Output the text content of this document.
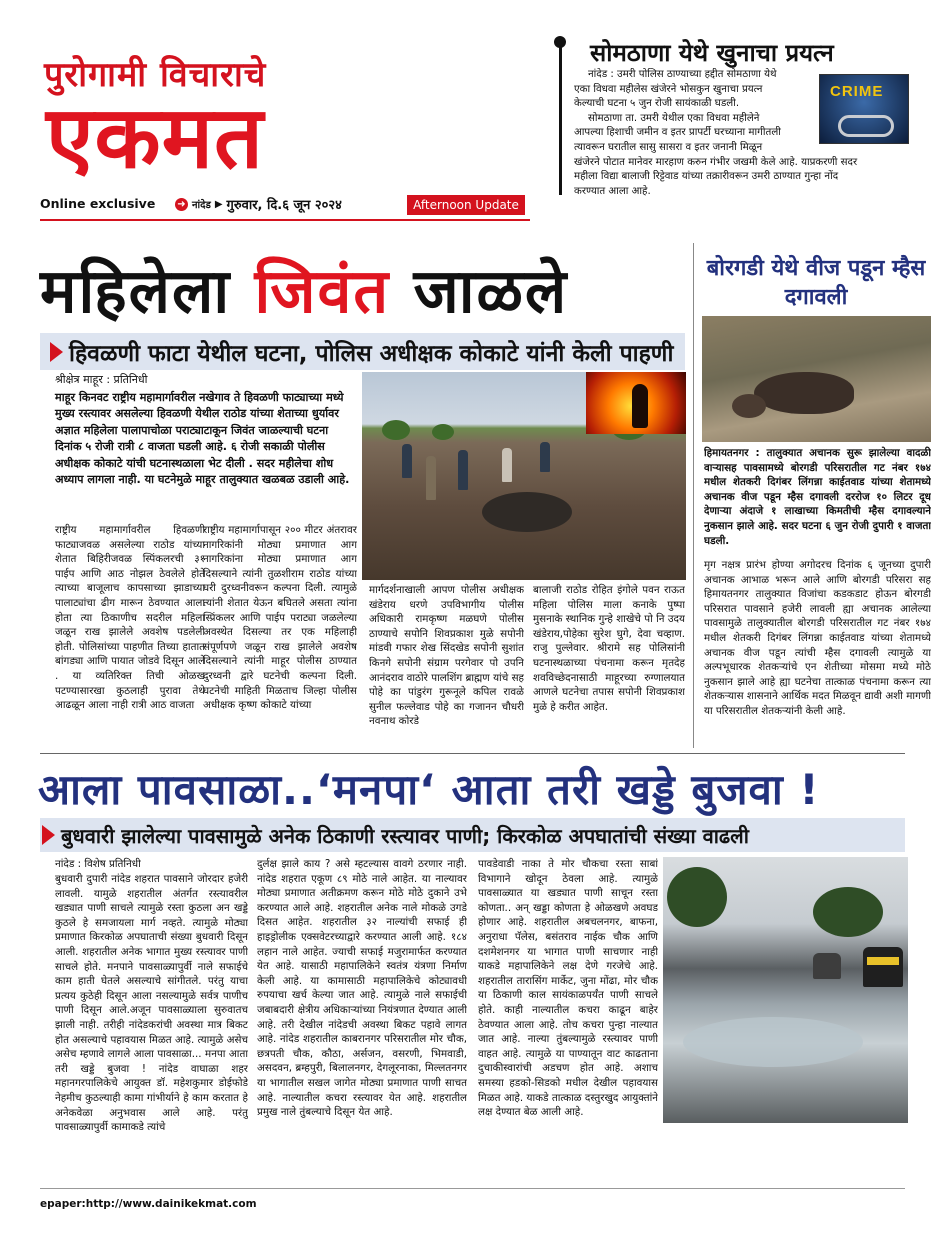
पुरोगामी विचाराचे
एकमत
Online exclusive ➜ नांदेड ▶ गुरुवार, दि.६ जून २०२४	Afternoon Update
सोमठाणा येथे खुनाचा प्रयत्न
नांदेड : उमरी पोलिस ठाण्याच्या हद्दीत सोमठाणा येथे
एका विधवा महीलेस खंजेरने भोसकुन खुनाचा प्रयत्न
केल्याची घटना ५ जुन रोजी सायंकाळी घडली.
सोमठाणा ता. उमरी येथील एका विधवा महीलेने
आपल्या हिशाची जमीन व इतर प्रापर्टी घरच्याना मागीतली
त्यावरून घरातील सासु सासरा व इतर जनानी मिळून
खंजेरने पोटात मानेवर मारहाण करुन गंभीर जखमी केले आहे. याप्रकरणी सदर
महीला विद्या बालाजी रिट्टेवाड यांच्या तक्रारीवरून उमरी ठाण्यात गुन्हा नोंद
करण्यात आला आहे.
CRIME
महिलेला जिवंत जाळले
हिवळणी फाटा येथील घटना, पोलिस अधीक्षक कोकाटे यांनी केली पाहणी
श्रीक्षेत्र माहूर : प्रतिनिधी
माहूर किनवट राष्ट्रीय महामार्गावरील नखेगाव ते हिवळणी फाट्याच्या मध्ये मुख्य रस्त्यावर असलेल्या हिवळणी येथील राठोड यांच्या शेताच्या धुर्यावर अज्ञात महिलेला पालापाचोळा पराट्याटाकून जिवंत जाळल्याची घटना दिनांक ५ रोजी रात्री ८ वाजता घडली आहे. ६ रोजी सकाळी पोलीस अधीक्षक कोकाटे यांची घटनास्थळाला भेट दीली . सदर महीलेचा शोध अध्याप लागला नाही. या घटनेमुळे माहूर तालुक्यात खळबळ उडाली आहे.
राष्ट्रीय महामार्गावरील हिवळणी फाट्याजवळ असलेल्या राठोड यांच्या शेतात बिहिरीजवळ स्पिंकलरची ३१ पाईप आणि आठ नोझल ठेवलेले होते त्याच्या बाजूलाच कापसाच्या झाडाच्या पालाट्यांचा ढीग मारून ठेवण्यात आला होता त्या ठिकाणीच सदरील महिला जळून राख झालेले अवशेष पडलेली होती. पोलिसांच्या पाहणीत तिच्या हातात बांगड्या आणि पायात जोडवे दिसून आले . या व्यतिरिक्त तिची ओळख पटण्यासारखा कुठलाही पुरावा तेथे आढळून आला नाही रात्री आठ वाजता
राष्ट्रीय महामार्गापासून २०० मीटर अंतरावर नागरिकांनी मोठ्या प्रमाणात आग नागरिकांना मोठ्या प्रमाणात आग दिसल्याने त्यांनी तुळशीराम राठोड यांच्या घरी दुरध्वनीवरून कल्पना दिली. त्यामुळे त्यांनी शेतात येऊन बघितले असता त्यांना स्प्रिंकलर आणि पाईप पराट्या जळलेल्या अवस्थेत दिसल्या तर एक महिलाही संपूर्णपणे जळून राख झालेले अवशेष दिसल्याने त्यांनी माहूर पोलीस ठाण्यात दुरध्वनी द्वारे घटनेची कल्पना दिली. घटनेची माहिती मिळताच जिल्हा पोलीस अधीक्षक कृष्ण कोकाटे यांच्या
मार्गदर्शनाखाली आपण पोलीस अधीक्षक खंडेराय धरणे उपविभागीय पोलीस अधिकारी रामकृष्ण मळघणे पोलीस ठाण्याचे सपोनि शिवप्रकाश मुळे सपोनी मांडवी गफार शेख सिंदखेड सपोनी सुशांत किनगे सपोनी संग्राम परगेवार पो उपनि आनंदराव वाठोरे पालशिंग ब्राह्मण यांचे सह पोहे का पांडुरंग गुरूनूले कपिल रावळे सुनील फल्लेवाड पोहे का गजानन चौधरी नवनाथ कोरडे
बालाजी राठोड रोहित इंगोले पवन राऊत महिला पोलिस माला कनाके पुष्पा मुसनाके स्थानिक गुन्हे शाखेचे पो नि उदय खंडेराय,पोहेका सुरेश घुगे, देवा चव्हाण. राजु पुल्लेवार. श्रीरामे सह पोलिसांनी घटनास्थळाच्या पंचनामा करून मृतदेह शवविच्छेदनासाठी माहूरच्या रुग्णालयात आणले घटनेचा तपास सपोनी शिवप्रकाश मुळे हे करीत आहेत.
बोरगडी येथे वीज पडून म्हैस दगावली
हिमायतनगर : तालुक्यात अचानक सुरू झालेल्या वादळी वाऱ्यासह पावसामध्ये बोरगडी परिसरातील गट नंबर १७४ मधील शेतकरी दिगंबर लिंगन्ना काईतवाड यांच्या शेतामध्ये अचानक वीज पडून म्हैस दगावली दररोज १० लिटर दूध देणाऱ्या अंदाजे १ लाखाच्या किमतीची म्हैस दगावल्याने नुकसान झाले आहे. सदर घटना ६ जुन रोजी दुपारी १ वाजता घडली.
मृग नक्षत्र प्रारंभ होण्या अगोदरच दिनांक ६ जूनच्या दुपारी अचानक आभाळ भरून आले आणि बोरगडी परिसरा सह हिमायतनगर तालुक्यात विजांचा कडकडाट होऊन बोरगडी परिसरात पावसाने हजेरी लावली ह्या अचानक आलेल्या पावसामुळे तालुक्यातील बोरगडी परिसरातील गट नंबर १७४ मधील शेतकरी दिगंबर लिंगन्ना काईतवाड यांच्या शेतामध्ये अचानक वीज पडून त्यांची म्हैस दगावली त्यामुळे या अल्पभूधारक शेतकऱ्यांचे एन शेतीच्या मोसमा मध्ये मोठे नुकसान झाले आहे ह्या घटनेचा तात्काळ पंचनामा करून त्या शेतकऱ्यास शासनाने आर्थिक मदत मिळवून द्यावी अशी मागणी या परिसरातील शेतकऱ्यांनी केली आहे.
आला पावसाळा..‘मनपा‘ आता तरी खड्डे बुजवा !
बुधवारी झालेल्या पावसामुळे अनेक ठिकाणी रस्त्यावर पाणी; किरकोळ अपघातांची संख्या वाढली
नांदेड : विशेष प्रतिनिधी
बुधवारी दुपारी नांदेड शहरात पावसाने जोरदार हजेरी लावली. यामुळे शहरातील अंतर्गत रस्त्यावरील खड्यात पाणी साचले त्यामुळे रस्ता कुठला अन खड्डे कुठले हे समजायला मार्ग नव्हते. त्यामुळे मोठ्या प्रमाणात किरकोळ अपघाताची संख्या बुधवारी दिसून आली. शहरातील अनेक भागात मुख्य रस्त्यावर पाणी साचले होते. मनपाने पावसाळ्यापुर्वी नाले सफाईचे काम हाती घेतले असल्याचे सांगीतले. परंतु याचा प्रत्यय कुठेही दिसून आला नसल्यामुळे सर्वत्र पाणीच पाणी दिसून आले.अजून पावसाळ्याला सुरुवातच झाली नाही. तरीही नांदेडकरांची अवस्था मात्र बिकट होत असल्याचे पहावयास मिळत आहे. त्यामुळे असेच असेच म्हणावे लागले आला पावसाळा... मनपा आता तरी खड्डे बुजवा ! नांदेड वाघाळा शहर महानगरपालिकेचे आयुक्त डॉ. महेशकुमार डोईफोडे नेहमीच कुठल्याही कामा गांभीर्याने हे काम करतात हे अनेकवेळा अनुभवास आले आहे. परंतु पावसाळ्यापुर्वी कामाकडे त्यांचे
दुर्लक्ष झाले काय ? असे म्हटल्यास वावगे ठरणार नाही. नांदेड शहरात एकूण ८९ मोठे नाले आहेत. या नाल्यावर मोठ्या प्रमाणात अतीक्रमण करून मोठे मोठे दुकाने उभे करण्यात आले आहे. शहरातील अनेक नाले मोकळे उगडे दिसत आहेत. शहरातील ३२ नाल्यांची सफाई ही हाइड्रोलीक एक्सवेटरच्याद्वारे करण्यात आली आहे. १८४ लहान नाले आहेत. ज्याची सफाई मजुरामार्फत करण्यात येत आहे. यासाठी महापालिकेने स्वतंत्र यंत्रणा निर्माण केली आहे. या कामासाठी महापालिकेचे कोट्यावधी रुपयाचा खर्च केल्या जात आहे. त्यामुळे नाले सफाईची जबाबदारी क्षेत्रीय अधिकाऱ्यांच्या नियंत्रणात देण्यात आली आहे. तरी देखील नांदेडची अवस्था बिकट पहावे लागत आहे. नांदेड शहरातील काबरानगर परिसरातील मोर चौक, छत्रपती चौक, कौठा, अर्सजन, वसरणी, भिमवाडी, असदवन, ब्रम्हपुरी, बिलालनगर, देगलूरनाका, मिल्लतनगर या भागातील सखल जागेत मोठ्या प्रमाणात पाणी साचत आहे. नाल्यातील कचरा रस्त्यावर येत आहे. शहरातील प्रमुख नाले तुंबल्याचे दिसून येत आहे.
पावडेवाडी नाका ते मोर चौकचा रस्ता साबां विभागाने खोदून ठेवला आहे. त्यामुळे पावसाळ्यात या खड्यात पाणी साचून रस्ता कोणता.. अन् खड्डा कोणता हे ओळखणे अवघड होणार आहे. शहरातील अबचलनगर, बाफना, अनुराधा पॅलेस, बसंतराव नाईक चौक आणि दशमेशनगर या भागात पाणी साचणार नाही याकडे महापालिकेने लक्ष देणे गरजेचे आहे. शहरातील तारासिंग मार्केट, जुना मोंढा, मोर चौक या ठिकाणी काल सायंकाळपर्यंत पाणी साचले होते. काही नाल्यातील कचरा काढून बाहेर ठेवण्यात आला आहे. तोच कचरा पुन्हा नाल्यात जात आहे. नाल्या तुंबल्यामुळे रस्त्यावर पाणी वाहत आहे. त्यामुळे या पाण्यातून वाट काढताना दुचाकीस्वारांची अडचण होत आहे. अशाच समस्या हडको-सिडको मधील देखील पहावयास मिळत आहे. याकडे तात्काळ दस्तुरखुद आयुक्तांने लक्ष देण्यात बेळ आली आहे.
epaper:http://www.dainikekmat.com
